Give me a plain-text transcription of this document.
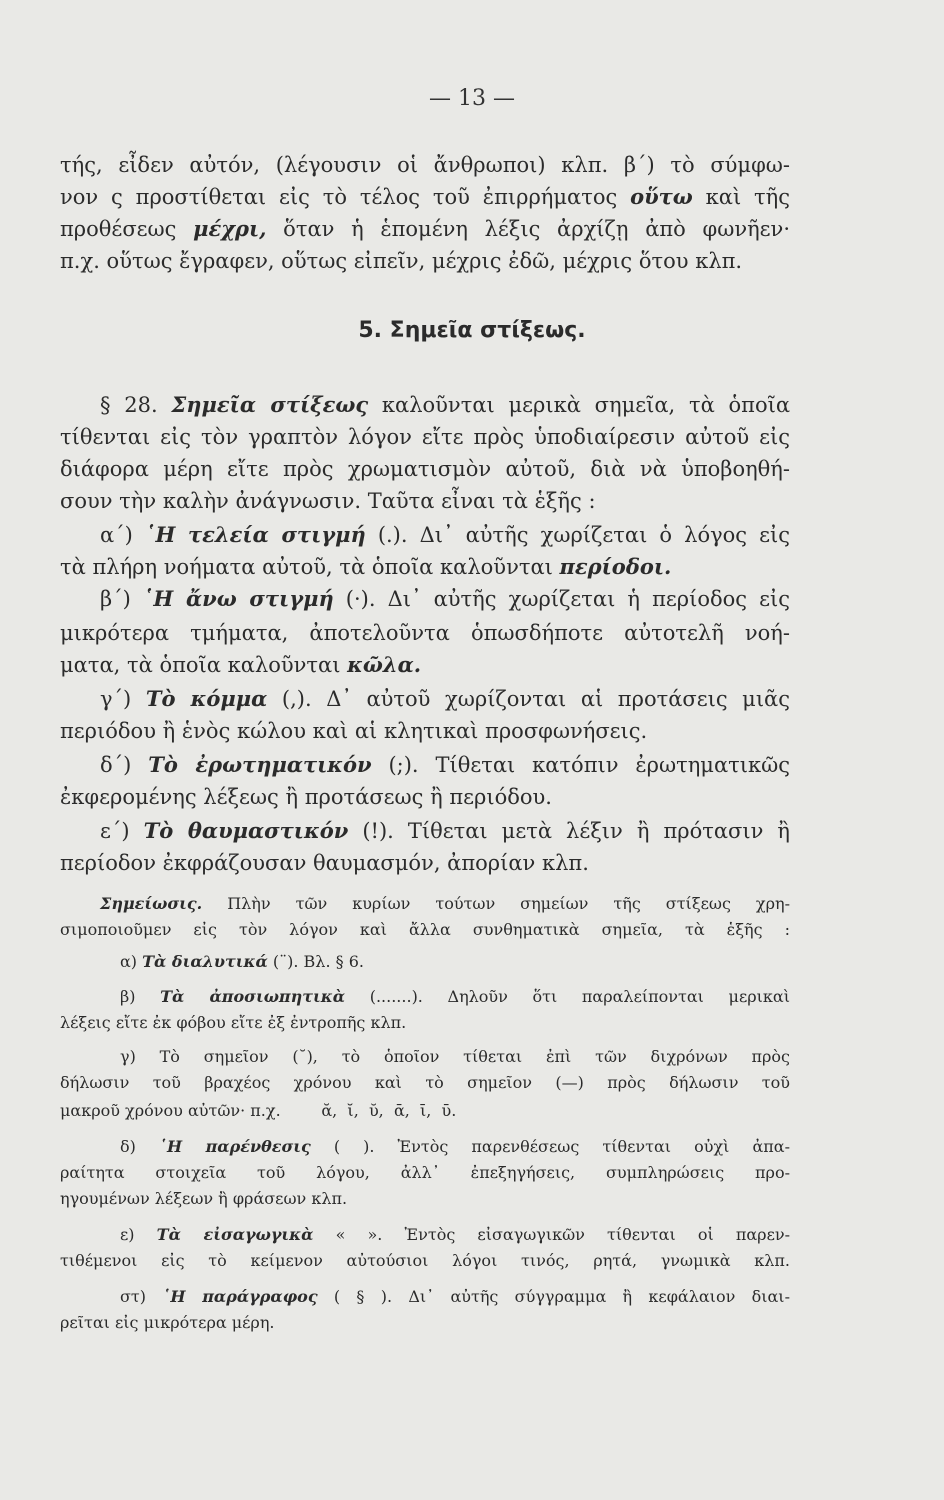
— 13 —
τής, εἶδεν αὐτόν, (λέγουσιν οἱ ἄνθρωποι) κλπ. β΄) τὸ σύμφω-
νον ς προστίθεται εἰς τὸ τέλος τοῦ ἐπιρρήματος οὕτω καὶ τῆς
προθέσεως μέχρι, ὅταν ἡ ἑπομένη λέξις ἀρχίζῃ ἀπὸ φωνῆεν·
π.χ. οὕτως ἔγραφεν, οὕτως εἰπεῖν, μέχρις ἐδῶ, μέχρις ὅτου κλπ.
5. Σημεῖα στίξεως.
§ 28. Σημεῖα στίξεως καλοῦνται μερικὰ σημεῖα, τὰ ὁποῖα
τίθενται εἰς τὸν γραπτὸν λόγον εἴτε πρὸς ὑποδιαίρεσιν αὐτοῦ εἰς
διάφορα μέρη εἴτε πρὸς χρωματισμὸν αὐτοῦ, διὰ νὰ ὑποβοηθή-
σουν τὴν καλὴν ἀνάγνωσιν. Ταῦτα εἶναι τὰ ἑξῆς :
α΄) ῾Η τελεία στιγμή (.). Δι᾿ αὐτῆς χωρίζεται ὁ λόγος εἰς
τὰ πλήρη νοήματα αὐτοῦ, τὰ ὁποῖα καλοῦνται περίοδοι.
β΄) ῾Η ἄνω στιγμή (·). Δι᾿ αὐτῆς χωρίζεται ἡ περίοδος εἰς
μικρότερα τμήματα, ἀποτελοῦντα ὁπωσδήποτε αὐτοτελῆ νοή-
ματα, τὰ ὁποῖα καλοῦνται κῶλα.
γ΄) Τὸ κόμμα (,). Δ᾿ αὐτοῦ χωρίζονται αἱ προτάσεις μιᾶς
περιόδου ἢ ἑνὸς κώλου καὶ αἱ κλητικαὶ προσφωνήσεις.
δ΄) Τὸ ἐρωτηματικόν (;). Τίθεται κατόπιν ἐρωτηματικῶς
ἐκφερομένης λέξεως ἢ προτάσεως ἢ περιόδου.
ε΄) Τὸ θαυμαστικόν (!). Τίθεται μετὰ λέξιν ἢ πρότασιν ἢ
περίοδον ἐκφράζουσαν θαυμασμόν, ἀπορίαν κλπ.
Σημείωσις. Πλὴν τῶν κυρίων τούτων σημείων τῆς στίξεως χρη-
σιμοποιοῦμεν εἰς τὸν λόγον καὶ ἄλλα συνθηματικὰ σημεῖα, τὰ ἑξῆς :
α) Τὰ διαλυτικά (¨). Βλ. § 6.
β) Τὰ ἀποσιωπητικὰ (.......). Δηλοῦν ὅτι παραλείπονται μερικαὶ
λέξεις εἴτε ἐκ φόβου εἴτε ἐξ ἐντροπῆς κλπ.
γ) Τὸ σημεῖον (˘), τὸ ὁποῖον τίθεται ἐπὶ τῶν διχρόνων πρὸς
δήλωσιν τοῦ βραχέος χρόνου καὶ τὸ σημεῖον (—) πρὸς δήλωσιν τοῦ
μακροῦ χρόνου αὐτῶν· π.χ.        ᾰ,  ῐ,  ῠ,  ᾱ,  ῑ,  ῡ.
δ) ῾Η παρένθεσις ( ). Ἐντὸς παρενθέσεως τίθενται οὐχὶ ἀπα-
ραίτητα στοιχεῖα τοῦ λόγου, ἀλλ᾿ ἐπεξηγήσεις, συμπληρώσεις προ-
ηγουμένων λέξεων ἢ φράσεων κλπ.
ε) Τὰ εἰσαγωγικὰ « ». Ἐντὸς εἰσαγωγικῶν τίθενται οἱ παρεν-
τιθέμενοι εἰς τὸ κείμενον αὐτούσιοι λόγοι τινός, ρητά, γνωμικὰ κλπ.
στ) ῾Η παράγραφος ( § ). Δι᾿ αὐτῆς σύγγραμμα ἢ κεφάλαιον διαι-
ρεῖται εἰς μικρότερα μέρη.
